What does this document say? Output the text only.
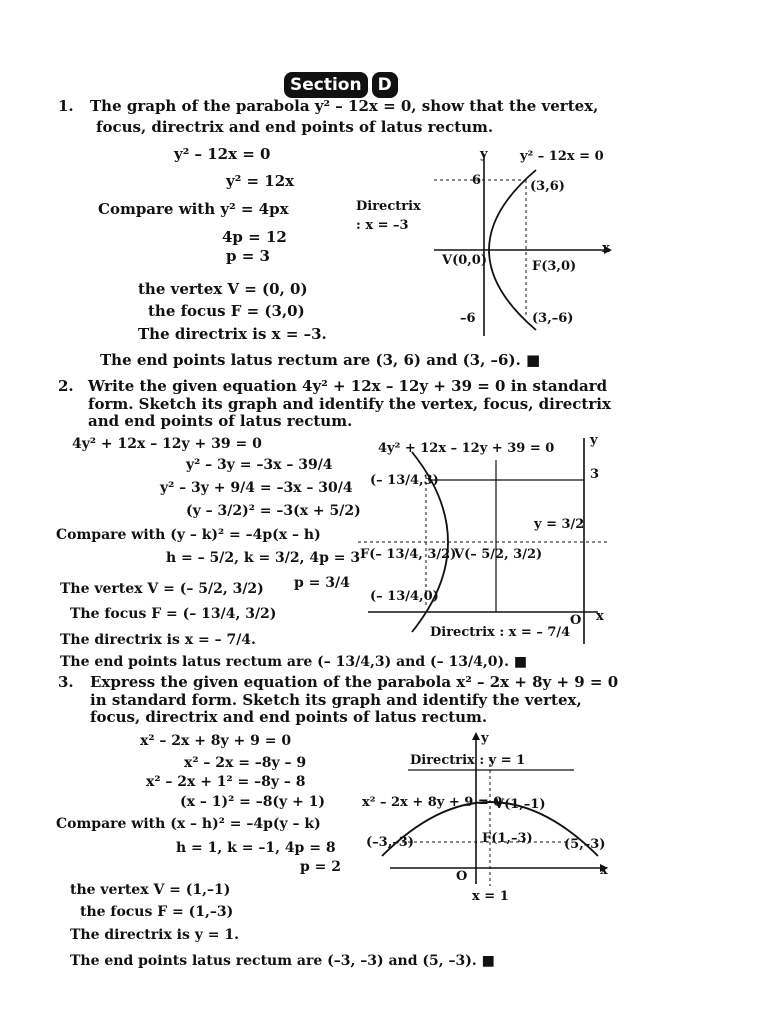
Section D
1. The graph of the parabola y² – 12x = 0, show that the vertex,
focus, directrix and end points of latus rectum.
y² – 12x = 0
y² = 12x
Compare with y² = 4px
4p = 12
p = 3
the vertex V = (0, 0)
the focus F = (3,0)
The directrix is x = –3.
The end points latus rectum are (3, 6) and (3, –6). ■
y y² – 12x = 0
6	(3,6)
Directrix
: x = –3
x
V(0,0)	F(3,0)
–6	(3,–6)
2. Write the given equation 4y² + 12x – 12y + 39 = 0 in standard
form. Sketch its graph and identify the vertex, focus, directrix
and end points of latus rectum.
4y² + 12x – 12y + 39 = 0
y² – 3y = –3x – 39/4
y² – 3y + 9/4 = –3x – 30/4
(y – 3/2)² = –3(x + 5/2)
Compare with (y – k)² = –4p(x – h)
h = – 5/2, k = 3/2, 4p = 3
p = 3/4
The vertex V = (– 5/2, 3/2)
The focus F = (– 13/4, 3/2)
The directrix is x = – 7/4.
The end points latus rectum are (– 13/4,3) and (– 13/4,0). ■
4y² + 12x – 12y + 39 = 0
y
(– 13/4,3)	3
y = 3/2
F(– 13/4, 3/2)
V(– 5/2, 3/2)
(– 13/4,0)
O x
Directrix : x = – 7/4
3. Express the given equation of the parabola x² – 2x + 8y + 9 = 0
in standard form. Sketch its graph and identify the vertex,
focus, directrix and end points of latus rectum.
x² – 2x + 8y + 9 = 0
x² – 2x = –8y – 9
x² – 2x + 1² = –8y – 8
(x – 1)² = –8(y + 1)
Compare with (x – h)² = –4p(y – k)
h = 1, k = –1, 4p = 8
p = 2
the vertex V = (1,–1)
the focus F = (1,–3)
The directrix is y = 1.
The end points latus rectum are (–3, –3) and (5, –3). ■
y
Directrix : y = 1
x² – 2x + 8y + 9 = 0
V(1,–1)
(–3,–3)	F(1,–3) (5,–3)
x
O
x = 1
